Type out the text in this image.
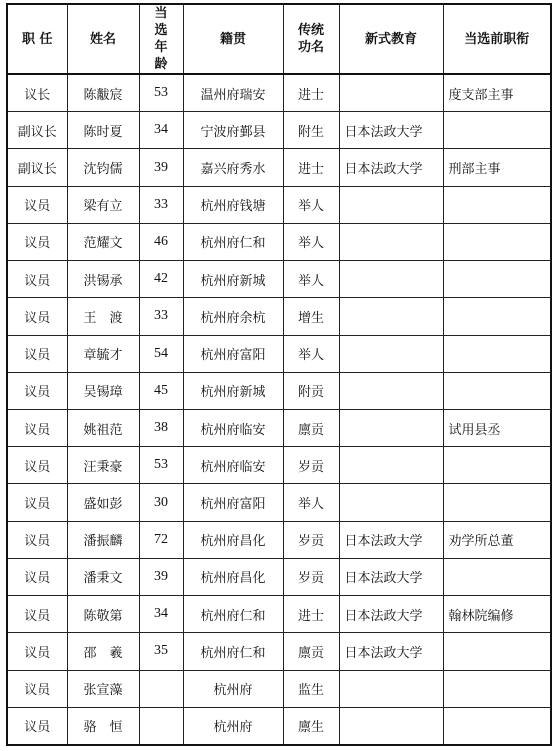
职 任	姓名	当选年龄	籍贯	传统功名	新式教育	当选前职衔
议长	陈黻宸	53	温州府瑞安	进士		度支部主事
副议长	陈时夏	34	宁波府鄞县	附生	日本法政大学	
副议长	沈钧儒	39	嘉兴府秀水	进士	日本法政大学	刑部主事
议员	梁有立	33	杭州府钱塘	举人		
议员	范耀文	46	杭州府仁和	举人		
议员	洪锡承	42	杭州府新城	举人		
议员	王　渡	33	杭州府余杭	增生		
议员	章毓才	54	杭州府富阳	举人		
议员	吴锡璋	45	杭州府新城	附贡		
议员	姚祖范	38	杭州府临安	廪贡		试用县丞
议员	汪秉豪	53	杭州府临安	岁贡		
议员	盛如彭	30	杭州府富阳	举人		
议员	潘振麟	72	杭州府昌化	岁贡	日本法政大学	劝学所总董
议员	潘秉文	39	杭州府昌化	岁贡	日本法政大学	
议员	陈敬第	34	杭州府仁和	进士	日本法政大学	翰林院编修
议员	邵　羲	35	杭州府仁和	廪贡	日本法政大学	
议员	张宣藻		杭州府	监生		
议员	骆　恒		杭州府	廪生		
